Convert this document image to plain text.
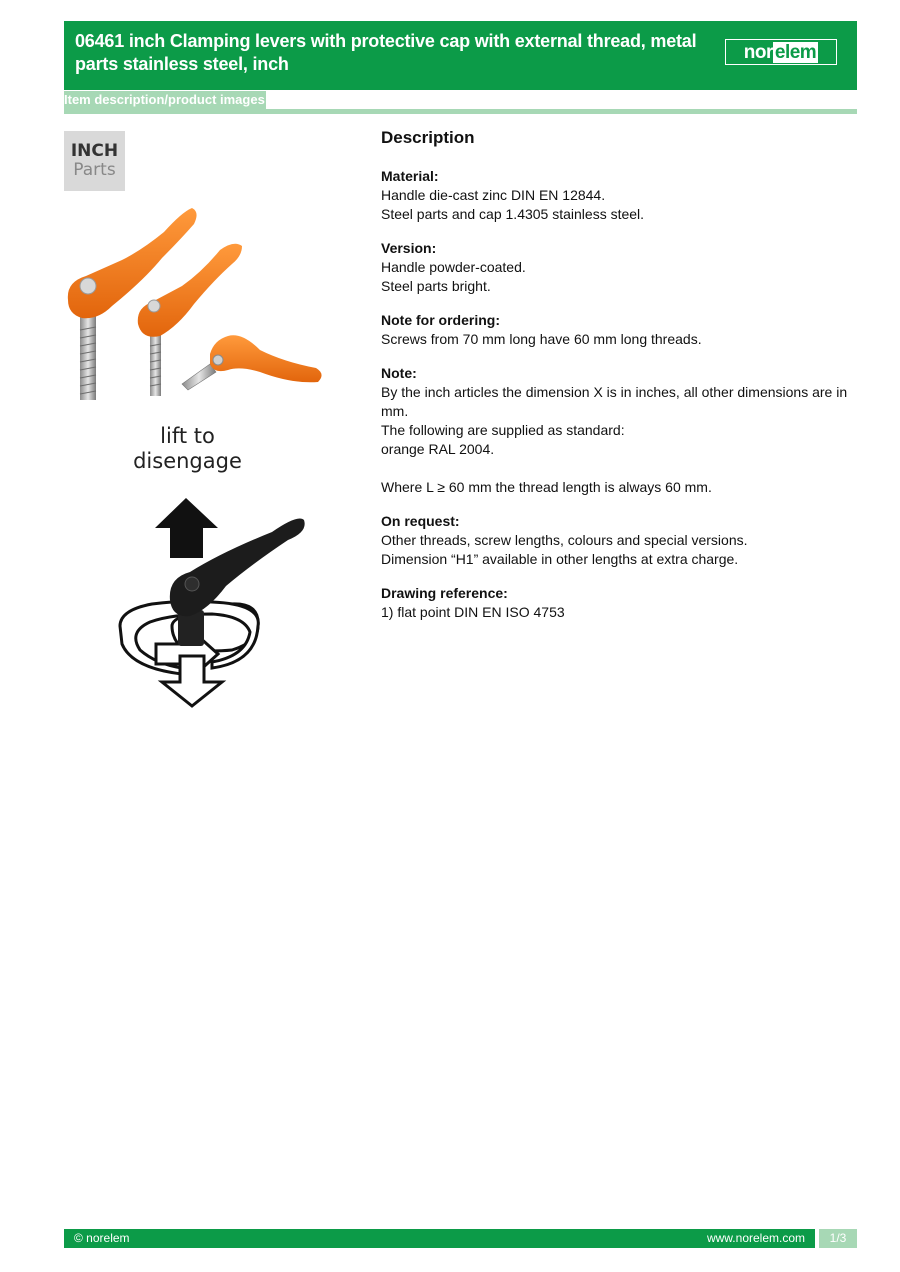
06461 inch Clamping levers with protective cap with external thread, metal parts stainless steel, inch
nor elem
Item description/product images
INCH
Parts
lift to
disengage
Description
Material:
Handle die-cast zinc DIN EN 12844.
Steel parts and cap 1.4305 stainless steel.
Version:
Handle powder-coated.
Steel parts bright.
Note for ordering:
Screws from 70 mm long have 60 mm long threads.
Note:
By the inch articles the dimension X is in inches, all other dimensions are in mm.
The following are supplied as standard:
orange RAL 2004.
Where L ≥ 60 mm the thread length is always 60 mm.
On request:
Other threads, screw lengths, colours and special versions.
Dimension “H1” available in other lengths at extra charge.
Drawing reference:
1) flat point DIN EN ISO 4753
© norelem	www.norelem.com	1/3
